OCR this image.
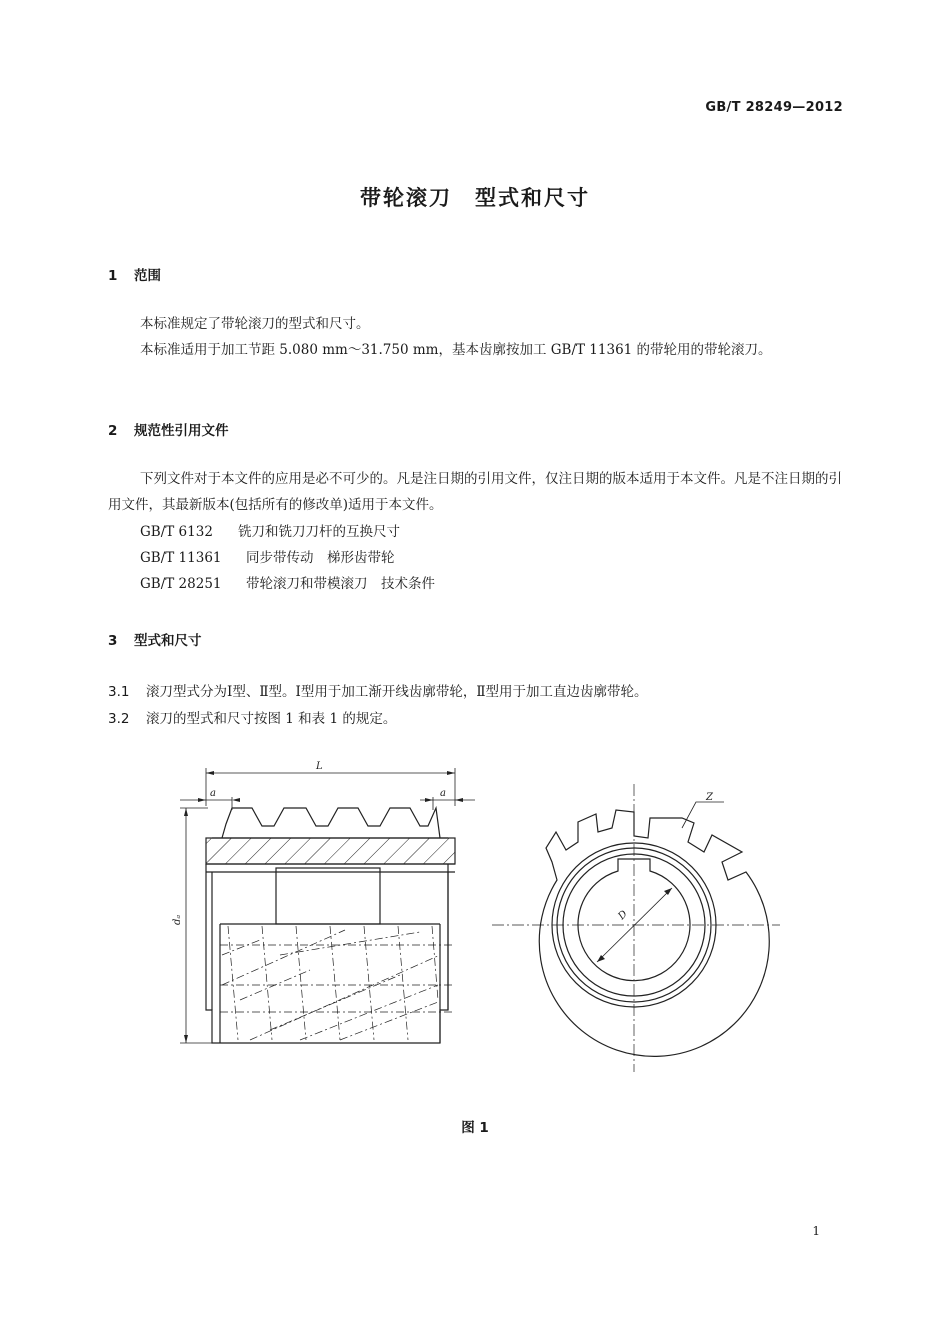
GB/T 28249—2012
带轮滚刀　型式和尺寸
1 范围
本标准规定了带轮滚刀的型式和尺寸。
本标准适用于加工节距 5.080 mm～31.750 mm，基本齿廓按加工 GB/T 11361 的带轮用的带轮滚刀。
2 规范性引用文件
下列文件对于本文件的应用是必不可少的。凡是注日期的引用文件，仅注日期的版本适用于本文件。凡是不注日期的引用文件，其最新版本(包括所有的修改单)适用于本文件。
GB/T 6132 铣刀和铣刀刀杆的互换尺寸
GB/T 11361 同步带传动　梯形齿带轮
GB/T 28251 带轮滚刀和带模滚刀　技术条件
3 型式和尺寸
3.1 滚刀型式分为Ⅰ型、Ⅱ型。Ⅰ型用于加工渐开线齿廓带轮，Ⅱ型用于加工直边齿廓带轮。
3.2 滚刀的型式和尺寸按图 1 和表 1 的规定。
L
a	a
dₐ	D
Z
图 1
1
